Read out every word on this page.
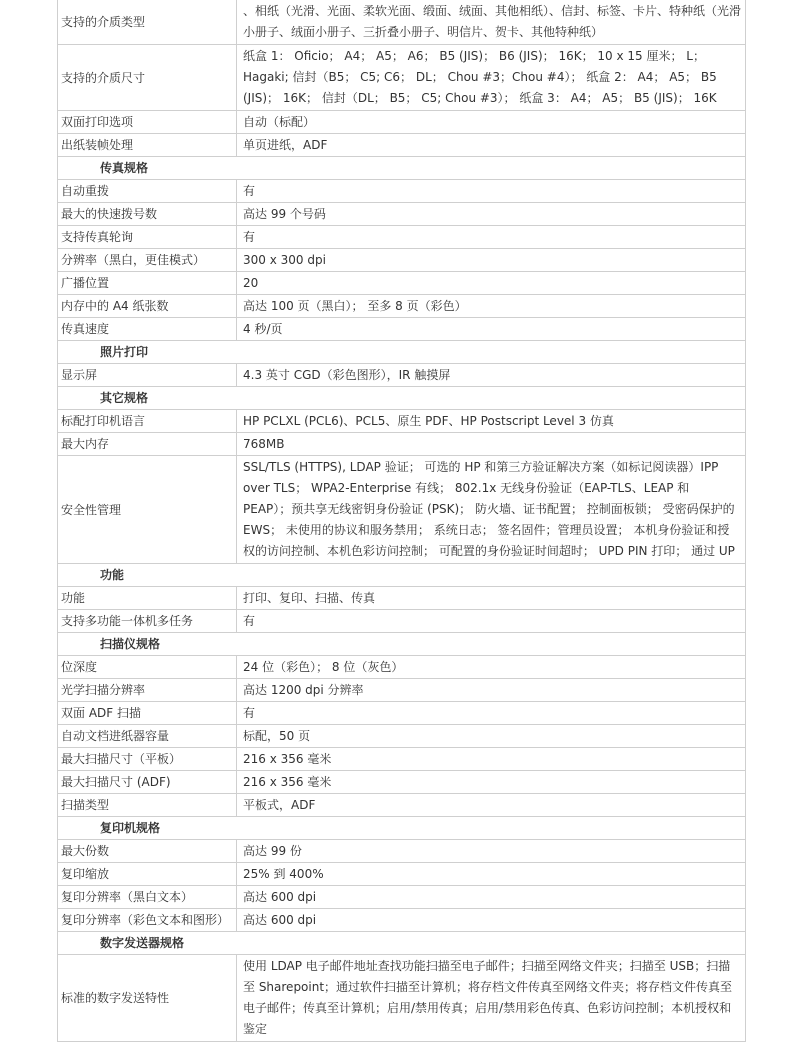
支持的介质类型	、相纸（光滑、光面、柔软光面、缎面、绒面、其他相纸）、信封、标签、卡片、特种纸（光滑小册子、绒面小册子、三折叠小册子、明信片、贺卡、其他特种纸）
支持的介质尺寸	纸盒 1： Oficio； A4； A5； A6； B5 (JIS)； B6 (JIS)； 16K； 10 x 15 厘米； L； Hagaki; 信封（B5； C5; C6； DL； Chou #3；Chou #4）； 纸盒 2： A4； A5； B5 (JIS)； 16K； 信封（DL； B5； C5; Chou #3）； 纸盒 3： A4； A5； B5 (JIS)； 16K
双面打印选项	自动（标配）
出纸装帧处理	单页进纸，ADF
传真规格	
自动重拨	有
最大的快速拨号数	高达 99 个号码
支持传真轮询	有
分辨率（黑白，更佳模式）	300 x 300 dpi
广播位置	20
内存中的 A4 纸张数	高达 100 页（黑白）； 至多 8 页（彩色）
传真速度	4 秒/页
照片打印	
显示屏	4.3 英寸 CGD（彩色图形），IR 触摸屏
其它规格	
标配打印机语言	HP PCLXL (PCL6)、PCL5、原生 PDF、HP Postscript Level 3 仿真
最大内存	768MB
安全性管理	SSL/TLS (HTTPS), LDAP 验证； 可选的 HP 和第三方验证解决方案（如标记阅读器）IPP over TLS； WPA2-Enterprise 有线； 802.1x 无线身份验证（EAP-TLS、LEAP 和 PEAP）；预共享无线密钥身份验证 (PSK)； 防火墙、证书配置； 控制面板锁； 受密码保护的 EWS； 未使用的协议和服务禁用； 系统日志； 签名固件；管理员设置； 本机身份验证和授权的访问控制、本机色彩访问控制； 可配置的身份验证时间超时； UPD PIN 打印； 通过 UP
功能	
功能	打印、复印、扫描、传真
支持多功能一体机多任务	有
扫描仪规格	
位深度	24 位（彩色）； 8 位（灰色）
光学扫描分辨率	高达 1200 dpi 分辨率
双面 ADF 扫描	有
自动文档进纸器容量	标配，50 页
最大扫描尺寸（平板）	216 x 356 毫米
最大扫描尺寸 (ADF)	216 x 356 毫米
扫描类型	平板式，ADF
复印机规格	
最大份数	高达 99 份
复印缩放	25% 到 400%
复印分辨率（黑白文本）	高达 600 dpi
复印分辨率（彩色文本和图形）	高达 600 dpi
数字发送器规格	
标准的数字发送特性	使用 LDAP 电子邮件地址查找功能扫描至电子邮件；扫描至网络文件夹；扫描至 USB；扫描至 Sharepoint；通过软件扫描至计算机；将存档文件传真至网络文件夹；将存档文件传真至电子邮件；传真至计算机；启用/禁用传真；启用/禁用彩色传真、色彩访问控制；本机授权和鉴定
